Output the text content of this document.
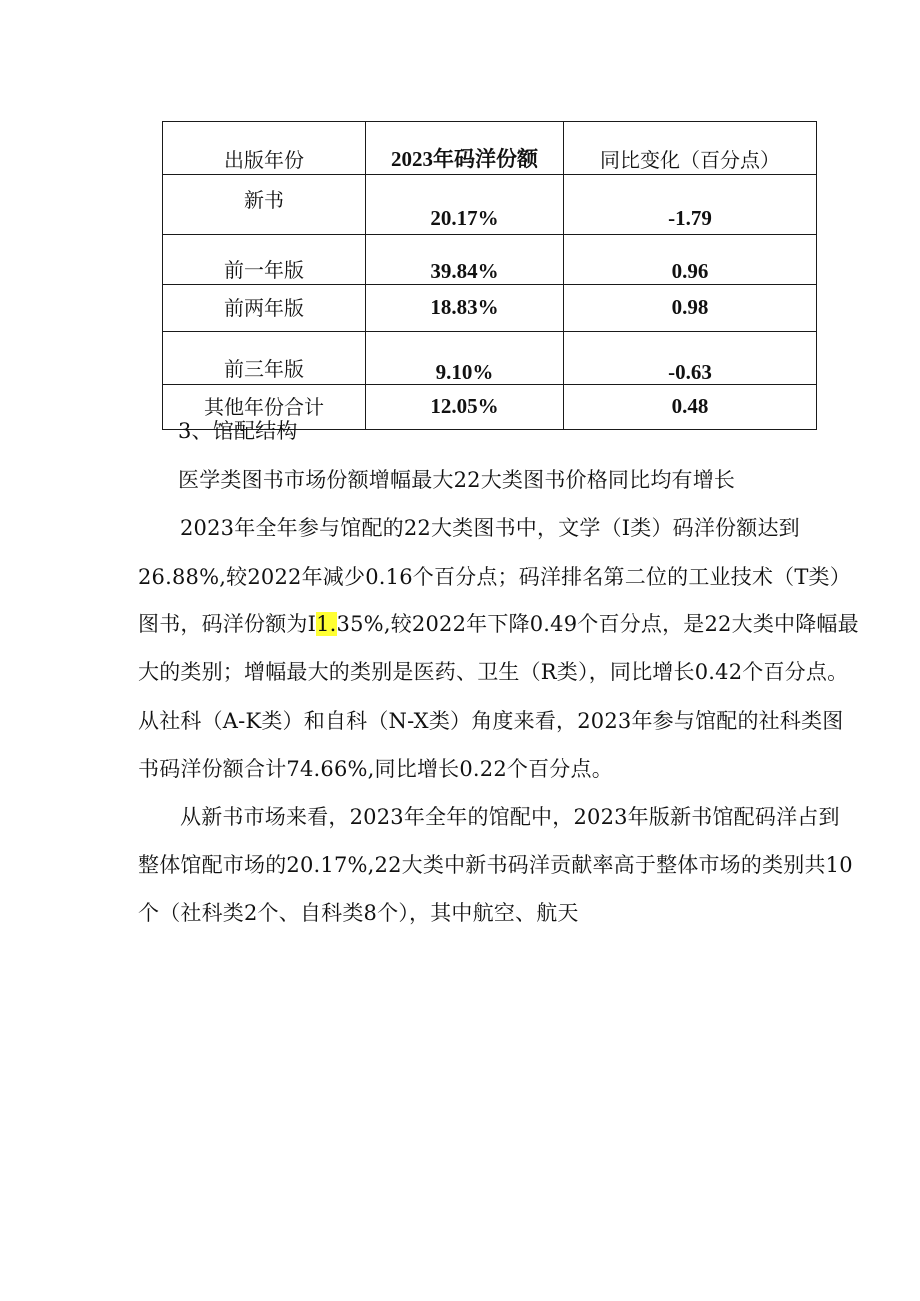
出版年份	2023年码洋份额	同比变化（百分点）
新书	20.17%	-1.79
前一年版	39.84%	0.96
前两年版	18.83%	0.98
前三年版	9.10%	-0.63
其他年份合计	12.05%	0.48
3、馆配结构
医学类图书市场份额增幅最大22大类图书价格同比均有增长
2023年全年参与馆配的22大类图书中，文学（I类）码洋份额达到
26.88%,较2022年减少0.16个百分点；码洋排名第二位的工业技术（T类）
图书，码洋份额为I1.35%,较2022年下降0.49个百分点，是22大类中降幅最
大的类别；增幅最大的类别是医药、卫生（R类），同比增长0.42个百分点。
从社科（A-K类）和自科（N-X类）角度来看，2023年参与馆配的社科类图
书码洋份额合计74.66%,同比增长0.22个百分点。
从新书市场来看，2023年全年的馆配中，2023年版新书馆配码洋占到
整体馆配市场的20.17%,22大类中新书码洋贡献率高于整体市场的类别共10
个（社科类2个、自科类8个），其中航空、航天
